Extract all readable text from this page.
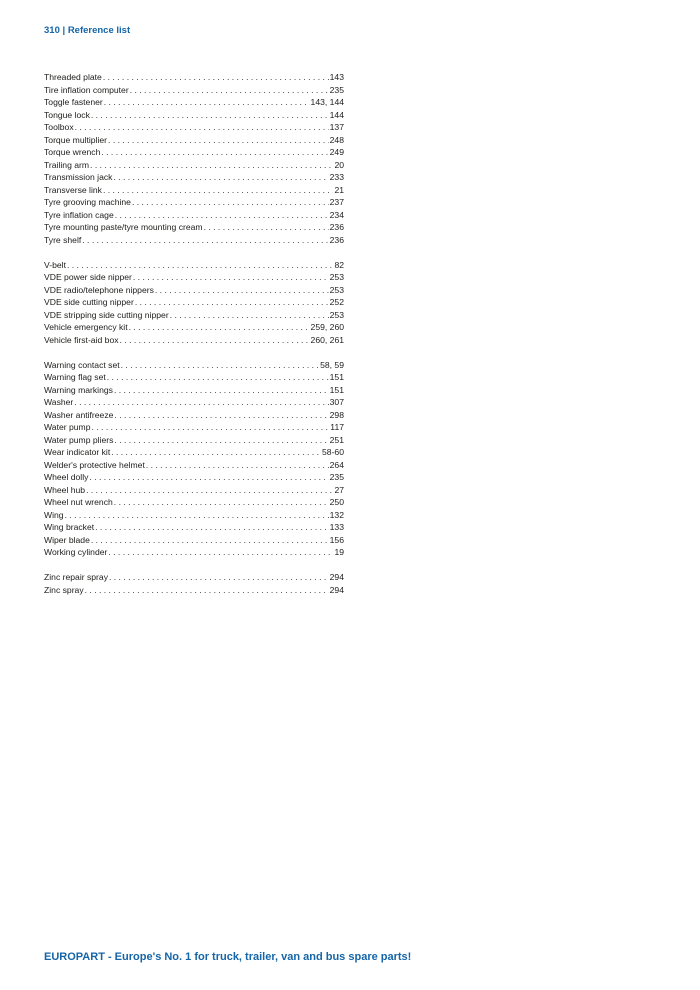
310 | Reference list
Threaded plate . . .	143
Tire inflation computer . . .	235
Toggle fastener . . .	143, 144
Tongue lock . . .	144
Toolbox . . .	137
Torque multiplier . . .	248
Torque wrench . . .	249
Trailing arm . . .	20
Transmission jack . . .	233
Transverse link . . .	21
Tyre grooving machine . . .	237
Tyre inflation cage . . .	234
Tyre mounting paste/tyre mounting cream . . .	236
Tyre shelf . . .	236
V-belt . . .	82
VDE power side nipper . . .	253
VDE radio/telephone nippers . . .	253
VDE side cutting nipper . . .	252
VDE stripping side cutting nipper . . .	253
Vehicle emergency kit . . .	259, 260
Vehicle first-aid box . . .	260, 261
Warning contact set . . .	58, 59
Warning flag set . . .	151
Warning markings . . .	151
Washer . . .	307
Washer antifreeze . . .	298
Water pump . . .	117
Water pump pliers . . .	251
Wear indicator kit . . .	58-60
Welder's protective helmet . . .	264
Wheel dolly . . .	235
Wheel hub . . .	27
Wheel nut wrench . . .	250
Wing . . .	132
Wing bracket . . .	133
Wiper blade . . .	156
Working cylinder . . .	19
Zinc repair spray . . .	294
Zinc spray . . .	294
EUROPART - Europe's No. 1 for truck, trailer, van and bus spare parts!
